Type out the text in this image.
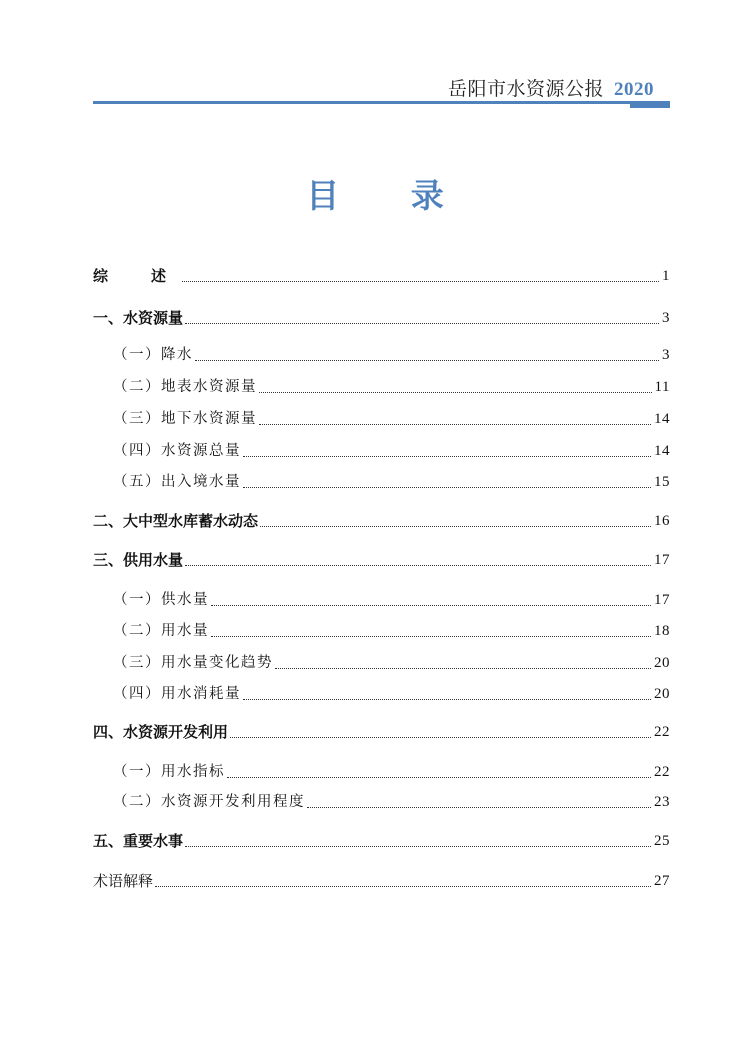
岳阳市水资源公报 2020
目 录
综　述	1
一、水资源量	3
（一）降水	3
（二）地表水资源量	11
（三）地下水资源量	14
（四）水资源总量	14
（五）出入境水量	15
二、大中型水库蓄水动态	16
三、供用水量	17
（一）供水量	17
（二）用水量	18
（三）用水量变化趋势	20
（四）用水消耗量	20
四、水资源开发利用	22
（一）用水指标	22
（二）水资源开发利用程度	23
五、重要水事	25
术语解释	27
